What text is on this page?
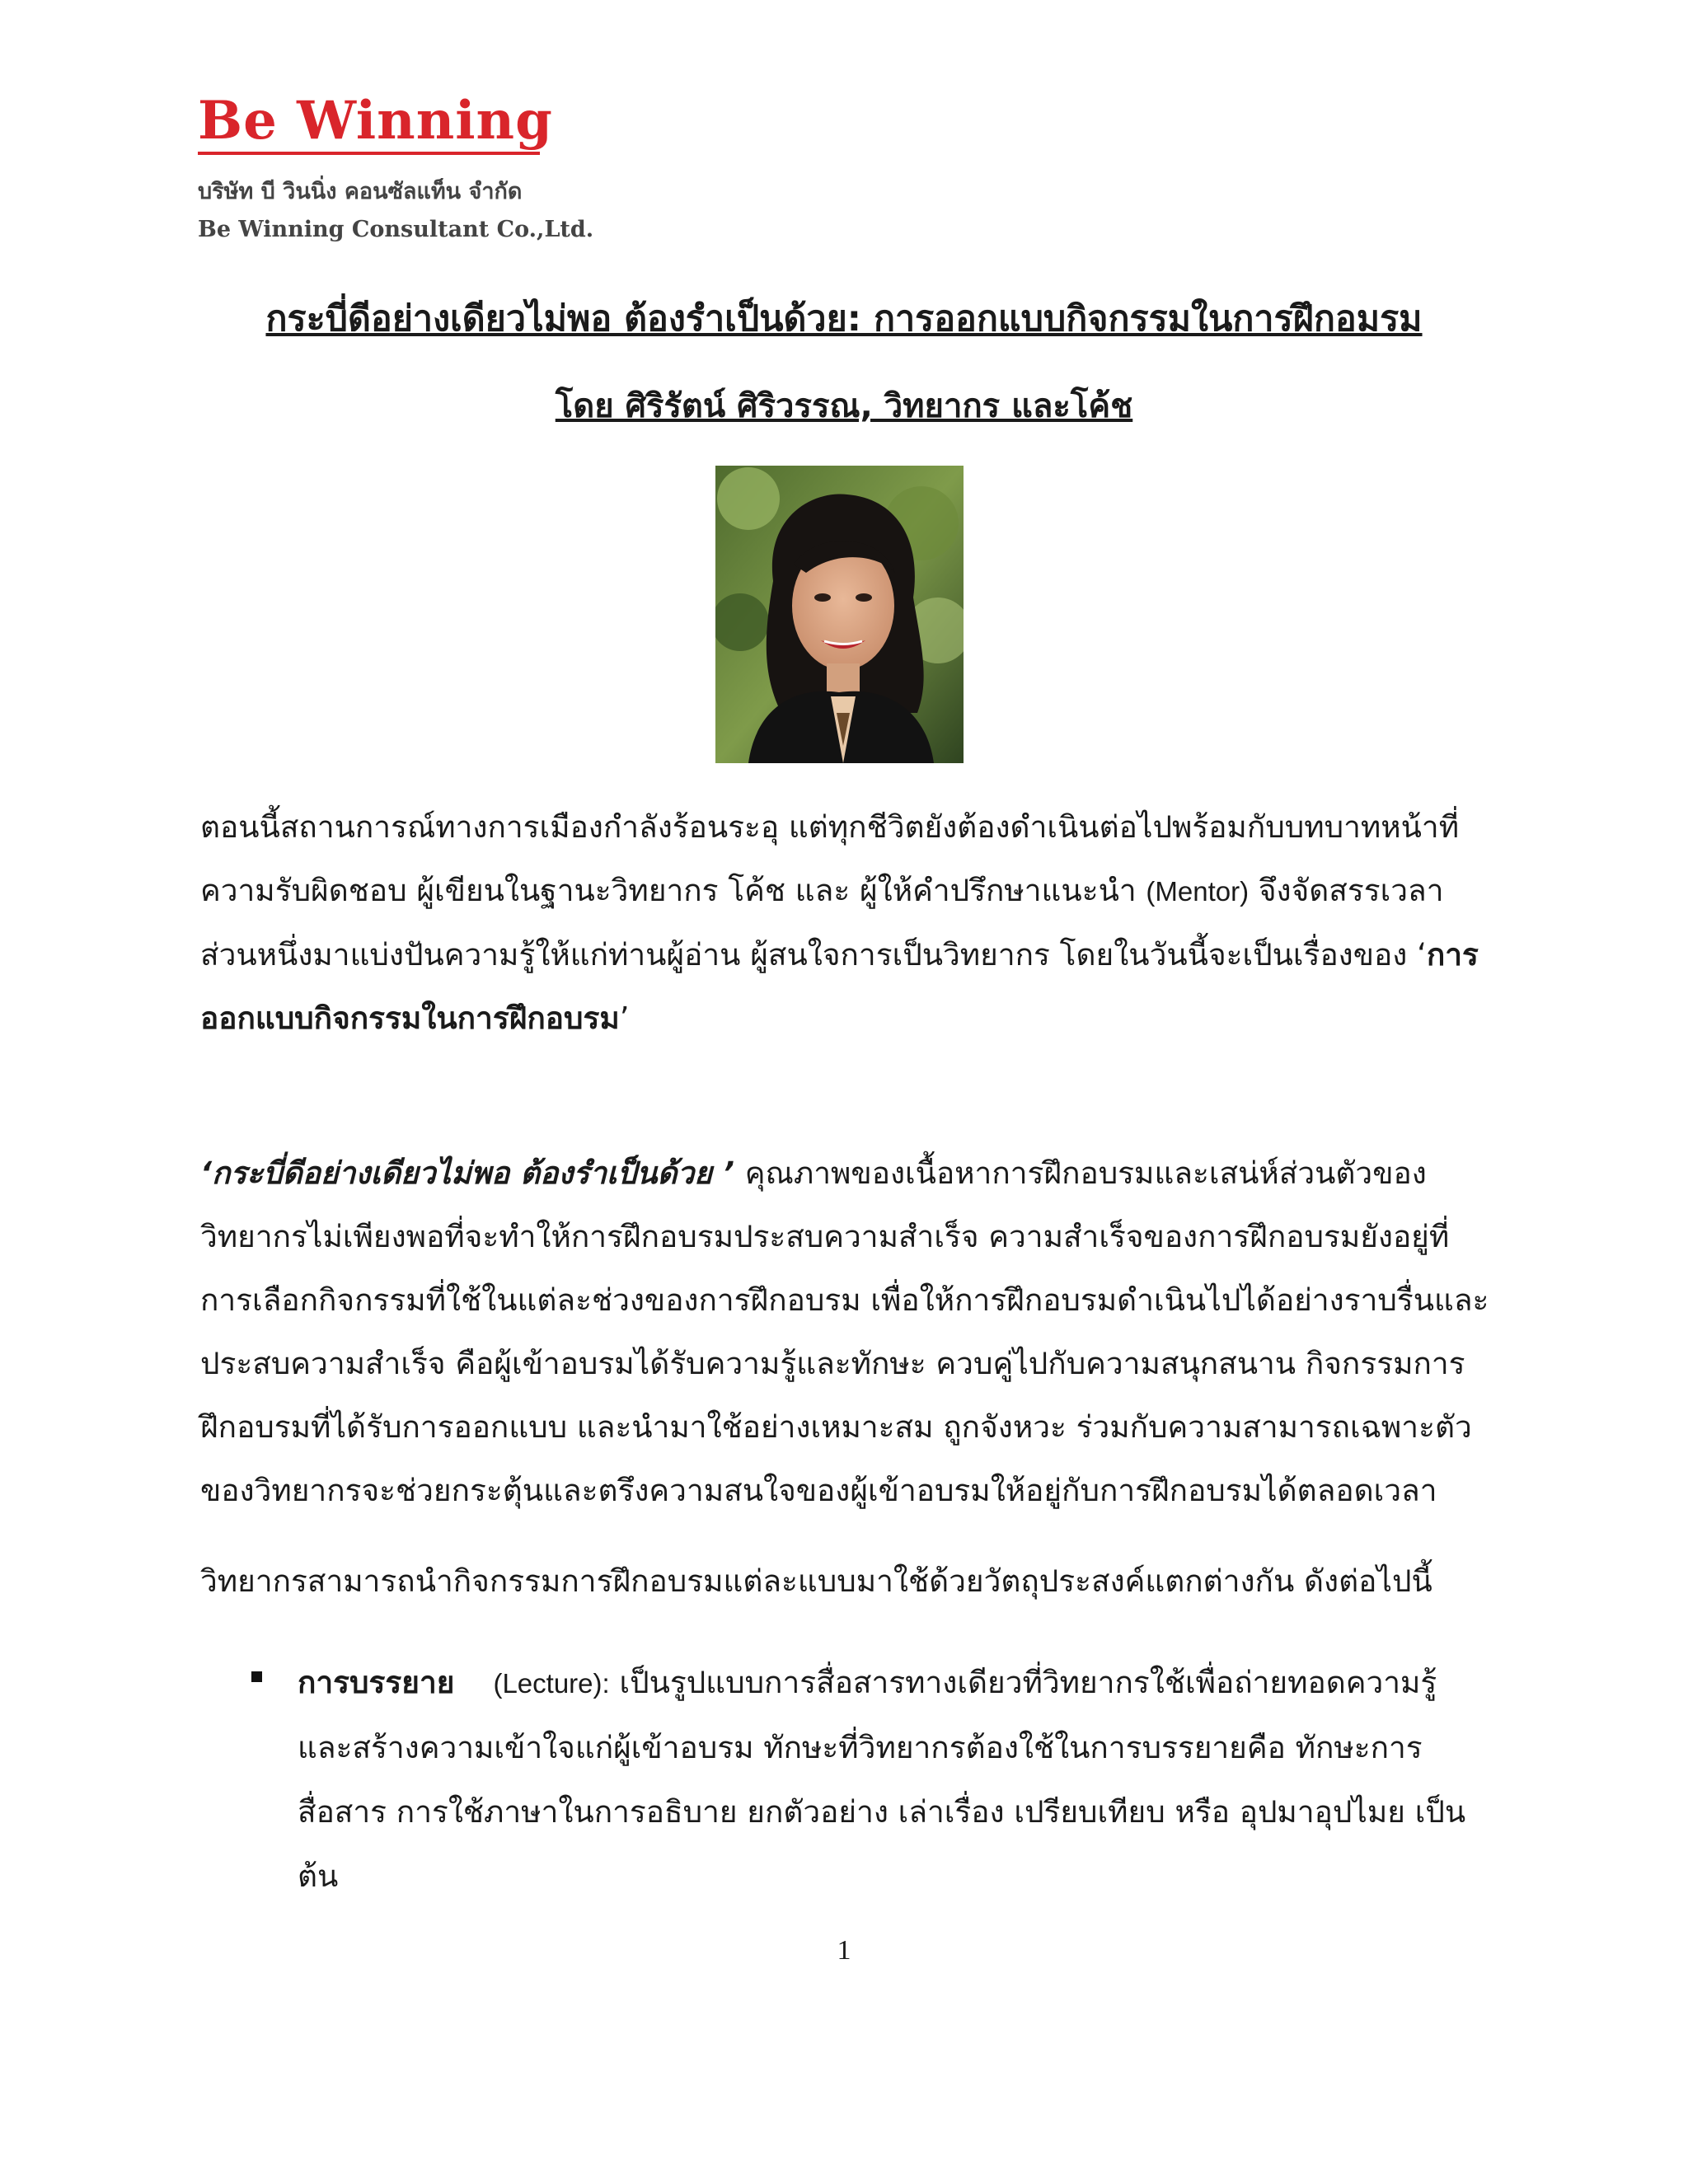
Be Winning
บริษัท บี วินนิ่ง คอนซัลแท็น จำกัด
Be Winning Consultant Co.,Ltd.
กระบี่ดีอย่างเดียวไม่พอ ต้องรำเป็นด้วย: การออกแบบกิจกรรมในการฝึกอมรม
โดย ศิริรัตน์ ศิริวรรณ, วิทยากร และโค้ช
ตอนนี้สถานการณ์ทางการเมืองกำลังร้อนระอุ แต่ทุกชีวิตยังต้องดำเนินต่อไปพร้อมกับบทบาทหน้าที่
ความรับผิดชอบ ผู้เขียนในฐานะวิทยากร โค้ช และ ผู้ให้คำปรึกษาแนะนำ (Mentor) จึงจัดสรรเวลา
ส่วนหนึ่งมาแบ่งปันความรู้ให้แก่ท่านผู้อ่าน ผู้สนใจการเป็นวิทยากร โดยในวันนี้จะเป็นเรื่องของ ‘การ
ออกแบบกิจกรรมในการฝึกอบรม’
‘กระบี่ดีอย่างเดียวไม่พอ ต้องรำเป็นด้วย ’ คุณภาพของเนื้อหาการฝึกอบรมและเสน่ห์ส่วนตัวของ
วิทยากรไม่เพียงพอที่จะทำให้การฝึกอบรมประสบความสำเร็จ ความสำเร็จของการฝึกอบรมยังอยู่ที่
การเลือกกิจกรรมที่ใช้ในแต่ละช่วงของการฝึกอบรม เพื่อให้การฝึกอบรมดำเนินไปได้อย่างราบรื่นและ
ประสบความสำเร็จ คือผู้เข้าอบรมได้รับความรู้และทักษะ ควบคู่ไปกับความสนุกสนาน กิจกรรมการ
ฝึกอบรมที่ได้รับการออกแบบ และนำมาใช้อย่างเหมาะสม ถูกจังหวะ ร่วมกับความสามารถเฉพาะตัว
ของวิทยากรจะช่วยกระตุ้นและตรึงความสนใจของผู้เข้าอบรมให้อยู่กับการฝึกอบรมได้ตลอดเวลา
วิทยากรสามารถนำกิจกรรมการฝึกอบรมแต่ละแบบมาใช้ด้วยวัตถุประสงค์แตกต่างกัน ดังต่อไปนี้
การบรรยาย (Lecture): เป็นรูปแบบการสื่อสารทางเดียวที่วิทยากรใช้เพื่อถ่ายทอดความรู้
และสร้างความเข้าใจแก่ผู้เข้าอบรม ทักษะที่วิทยากรต้องใช้ในการบรรยายคือ ทักษะการ
สื่อสาร การใช้ภาษาในการอธิบาย ยกตัวอย่าง เล่าเรื่อง เปรียบเทียบ หรือ อุปมาอุปไมย เป็น
ต้น
1
